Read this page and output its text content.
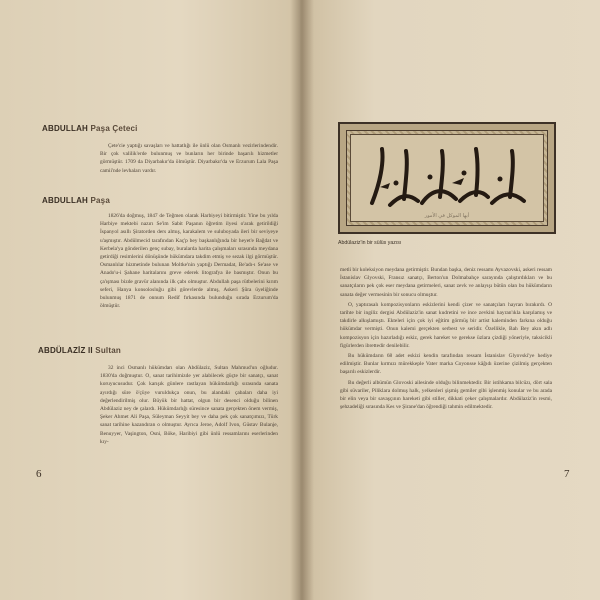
ABDULLAH Paşa Çeteci

Çete'cie yaptığı savaşları ve hattatlığı ile ünlü olan Osmanlı vezirlerindendir. Bir çok valilik'erde bulunmuş ve bunların her birinde başarılı hizmetler görmüştür. 1709 da Diyarbakır'da ölmüştür. Diyarbakır'da ve Erzurum Lala Paşa camii'nde levhaları vardır.

ABDULLAH Paşa

1826'da doğmuş, 1847 de Teğmen olarak Harbiyeyi bitirmiştir. Yine bu yılda Harbiye mektebi nazırı Se'im Sabit Paşanın öğretim ilyesi o'arak getirildiği İspanyol asıllı Şiratorden ders almış, karakalem ve suluboyada ileri bir seviyeye u'aşmıştır. Abdülmecid tarafından Kaç'p bey başkanlığında bir heyet'e Bağdat ve Kerbela'ya gönderilen genç subay, buralarda harita çalışmaları sırasında meydana getirdiği resimlerini dönüşünde hükümdara takdim etmiş ve sezak ilgi görmüştür. Osmanlılar hizmetinde bulunan Moltke'nin yaptığı Dermadat, Be'adı-ı Se'ase ve Anado'u-i Şahane haritalarını greve ederek litografya ile basmıştır. Onun bu ça'ışması bizde gravür alanında ilk çabı olmuştur. Abdullah paşa rütbelerini kırım seferi, Hanya konsolosluğu gibi görevlerde almış, Askeri Şûra üyeliğinde bulunmuş 1871 de onnum Redif fırkasında bulunduğu sırada Erzurum'da ölmüştür.

ABDÜLAZİZ II Sultan

32 inci Osmanlı hükümdarı olan Abdülaziz, Sultan Mahmud'un oğludur. 1830'da doğmuştur. O, sanat tarihimizde yer alabilecek güçte bir sanatçı, sanat koruyucusudur. Çok karışık günlere rastlayan hükümdarlığı sırasında sanata ayırdığı süre ö'çüye vuruldukça onun, bu alandaki çabaları daha iyi değerlendirilmiş olur. Büyük bir hattat, olgun bir desenci olduğu bilinen Abdülaziz ney de çalardı. Hükümdarlığı süresince sanata gerçekten önem vermiş, Şeker Ahmet Ali Paşa, Süleyman Seyyit bey ve daha pek çok sanatçımızı, Türk sanat tarihine kazandıran o olmuştur. Ayrıca Jeroe, Adolf Ivon, Güstav Bulanje, Benuyyer, Vaşington, Osni, Böke, Haribiyi gibi ünlü ressamlarını eserlerinden kıy-

6	7
أيها الموكل في الأمور
Abdülaziz'in bir sülüs yazısı

metli bir koleksiyon meydana getirmiştir. Bundan başka, deniz ressamı Ayvazovski, askeri ressam İstanislav Glyovski, Fransız sanatçı, Berton'un Dolmabahçe sarayında çalıştırdıkları ve bu sanatçıların pek çok eser meydana getirmeleri, sanat zevk ve anlayışı bütün olan bu hükümdarın sanata değer vermesinin bir sonucu olmuştur.

O, yaptırasalı kompozisyonların eskizlerini kendi çizer ve sanatçıları hayran bırakırdı. O tarihte bir ingiliz dergisi Abdülaziz'in sanat kudretini ve ince zevkini hayran'ıkla karşılamış ve takdirle alkışlamıştı. Ekteleri için çok iyi eğitim görmüş bir artist kaleminden farkına olduğu hükümdar vermişti. Onun kalemi gerçekten serbest ve seridir. Özellikle, Bah Bey akın adlı kompozisyon için hazırladığı eskiz, gerek hareket ve gerekse üzlara çizdiği yöneriyle, taksicikli figürlerden ibrettedir denilebilir.

Bu hükümdarın 68 adet eskizi kendin tarafından ressam İstanislav Glyovski'ye hediye edilmiştir. Bunlar kırmızı mürekkeple Vater marka Coyonsse kâğıdı üzerine çizilmiş gerçekten başarılı eskizlerdir.

Bu değerli albümün Glovoski ailesinde olduğu bilinmektedir. Bir istihkama bilcüzı, dört sala gibi süvariler, Piliklara dolmuş halk, yelkenleri şişmiş gemiler gibi işlenmiş konular ve bu arada bir elin veya bir savaşçının hareketi gibi stiller, dikkati çeker çalışmalardır. Abdülaziz'in resmi, şehzadeliği sırasında Kes ve Şirane'dan öğrendiği tahmin edilmektedir.
